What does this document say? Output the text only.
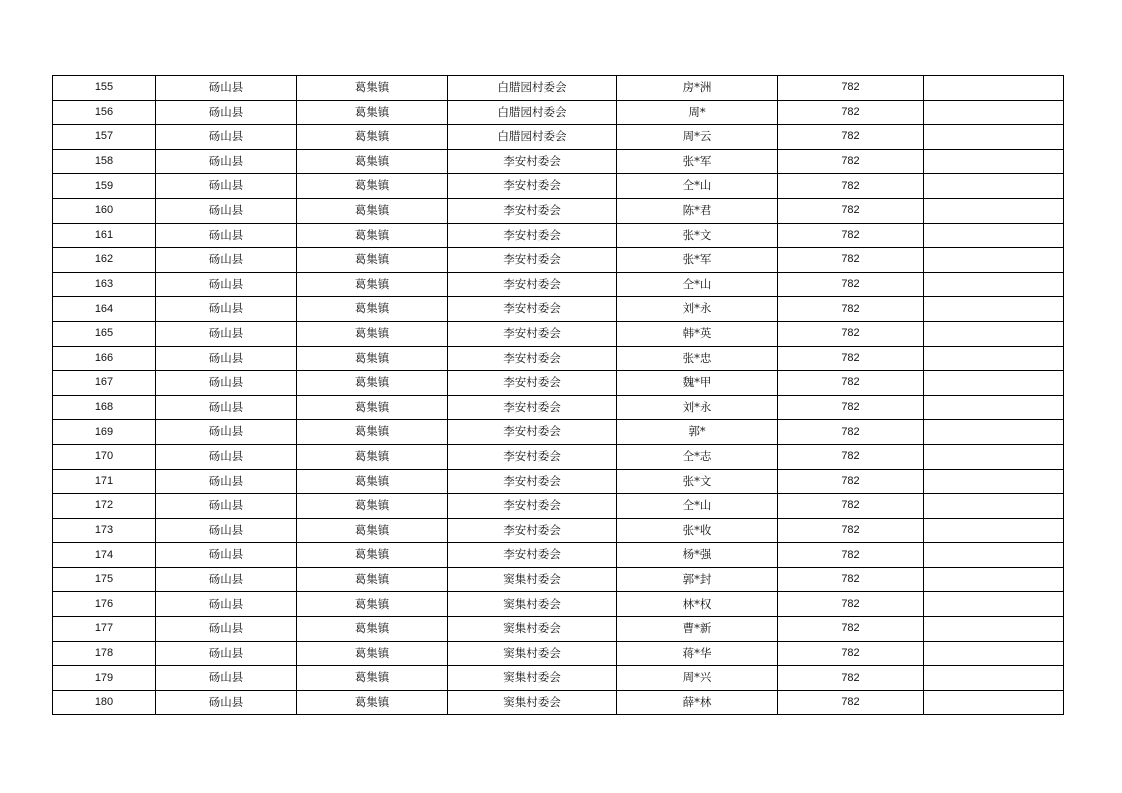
155	砀山县	葛集镇	白腊园村委会	房*洲	782	
156	砀山县	葛集镇	白腊园村委会	周*	782	
157	砀山县	葛集镇	白腊园村委会	周*云	782	
158	砀山县	葛集镇	李安村委会	张*军	782	
159	砀山县	葛集镇	李安村委会	仝*山	782	
160	砀山县	葛集镇	李安村委会	陈*君	782	
161	砀山县	葛集镇	李安村委会	张*文	782	
162	砀山县	葛集镇	李安村委会	张*军	782	
163	砀山县	葛集镇	李安村委会	仝*山	782	
164	砀山县	葛集镇	李安村委会	刘*永	782	
165	砀山县	葛集镇	李安村委会	韩*英	782	
166	砀山县	葛集镇	李安村委会	张*忠	782	
167	砀山县	葛集镇	李安村委会	魏*甲	782	
168	砀山县	葛集镇	李安村委会	刘*永	782	
169	砀山县	葛集镇	李安村委会	郭*	782	
170	砀山县	葛集镇	李安村委会	仝*志	782	
171	砀山县	葛集镇	李安村委会	张*文	782	
172	砀山县	葛集镇	李安村委会	仝*山	782	
173	砀山县	葛集镇	李安村委会	张*收	782	
174	砀山县	葛集镇	李安村委会	杨*强	782	
175	砀山县	葛集镇	窦集村委会	郭*封	782	
176	砀山县	葛集镇	窦集村委会	林*权	782	
177	砀山县	葛集镇	窦集村委会	曹*新	782	
178	砀山县	葛集镇	窦集村委会	蒋*华	782	
179	砀山县	葛集镇	窦集村委会	周*兴	782	
180	砀山县	葛集镇	窦集村委会	薛*林	782	
